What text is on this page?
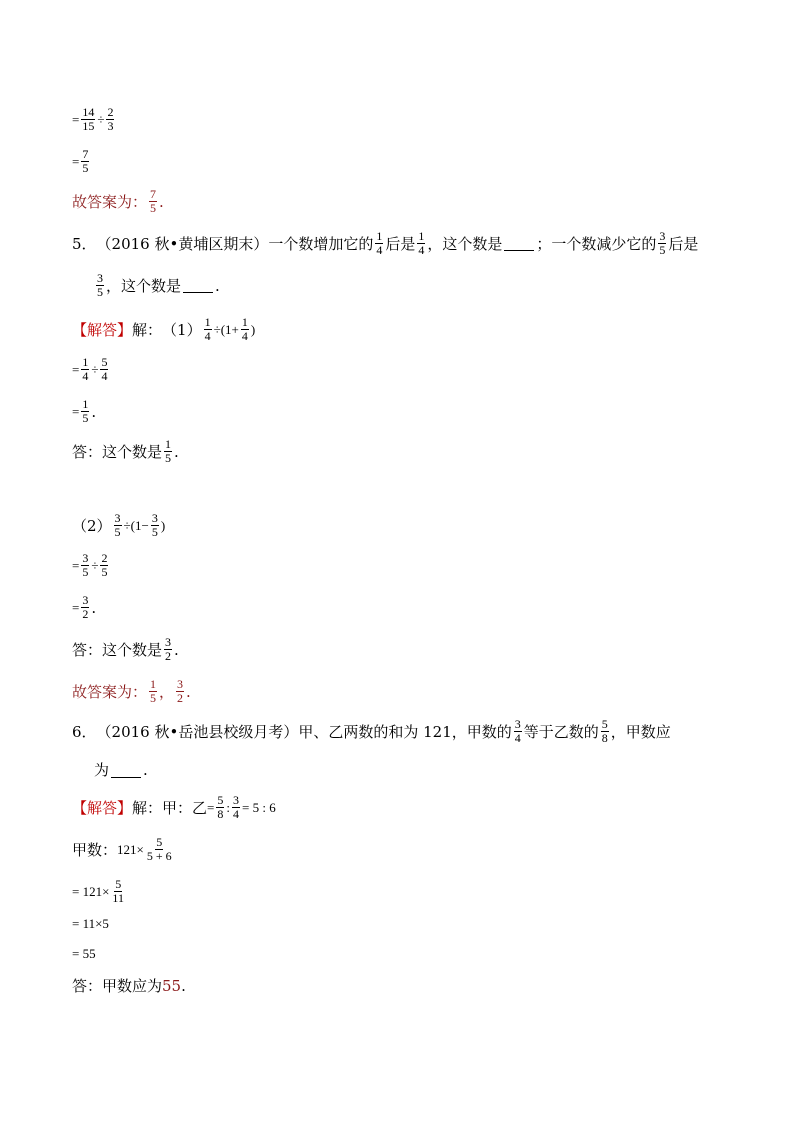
= $\frac{14}{15} \div \frac{2}{3}$
= $\frac{7}{5}$
故答案为： $\frac{7}{5}$ .
5． （2016 秋•黄埔区期末） 一个数增加它的 $\frac{1}{4}$ 后是 $\frac{1}{4}$ ，这个数是 ；一个数减少它的 $\frac{3}{5}$ 后是
$\frac{3}{5}$ ，这个数是 .
【解答】 解： $(1) \frac{1}{4} \div(1+ \frac{1}{4}$ )
= $\frac{1}{4} \div \frac{5}{4}$
= $\frac{1}{5}$ .
答：这个数是 $\frac{1}{5}$ .
$(2) \frac{3}{5} \div(1- \frac{3}{5}$ )
= $\frac{3}{5} \div \frac{2}{5}$
= $\frac{3}{2}$ .
答：这个数是 $\frac{3}{2}$ .
故答案为： $\frac{1}{5}$ ， $\frac{3}{2}$ .
6． （2016 秋•岳池县校级月考） 甲、乙两数的和为 121，甲数的 $\frac{3}{4}$ 等于乙数的 $\frac{5}{8}$ ，甲数应
为 .
【解答】 解：甲：乙 = $\frac{5}{8}$ : $\frac{3}{4} = 5$ : 6
甲数： $121\times \frac{5}{5 + 6}$
= $121\times \frac{5}{11}$
= 11×5
= 55
答：甲数应为 55 .
